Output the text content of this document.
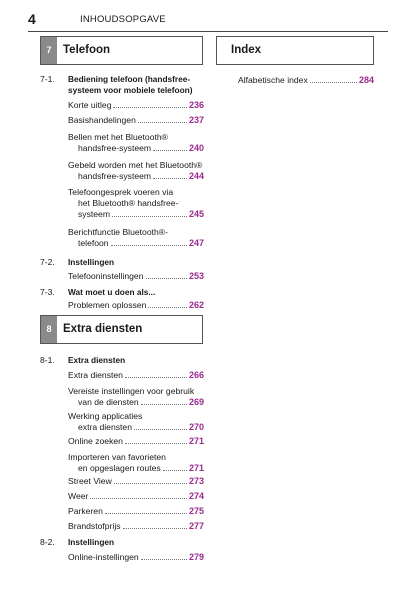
4	INHOUDSOPGAVE
7	Telefoon	Index
Alfabetische index	284
7-1. Bediening telefoon (handsfree-systeem voor mobiele telefoon)
Korte uitleg	236
Basishandelingen	237
Bellen met het Bluetooth®
handsfree-systeem	240
Gebeld worden met het Bluetooth®
handsfree-systeem	244
Telefoongesprek voeren via
het Bluetooth® handsfree-
systeem	245
Berichtfunctie Bluetooth®-
telefoon	247
7-2. Instellingen
Telefooninstellingen	253
7-3. Wat moet u doen als...
Problemen oplossen	262
8	Extra diensten
8-1. Extra diensten
Extra diensten	266
Vereiste instellingen voor gebruik
van de diensten	269
Werking applicaties
extra diensten	270
Online zoeken	271
Importeren van favorieten
en opgeslagen routes	271
Street View	273
Weer	274
Parkeren	275
Brandstofprijs	277
8-2. Instellingen
Online-instellingen	279
